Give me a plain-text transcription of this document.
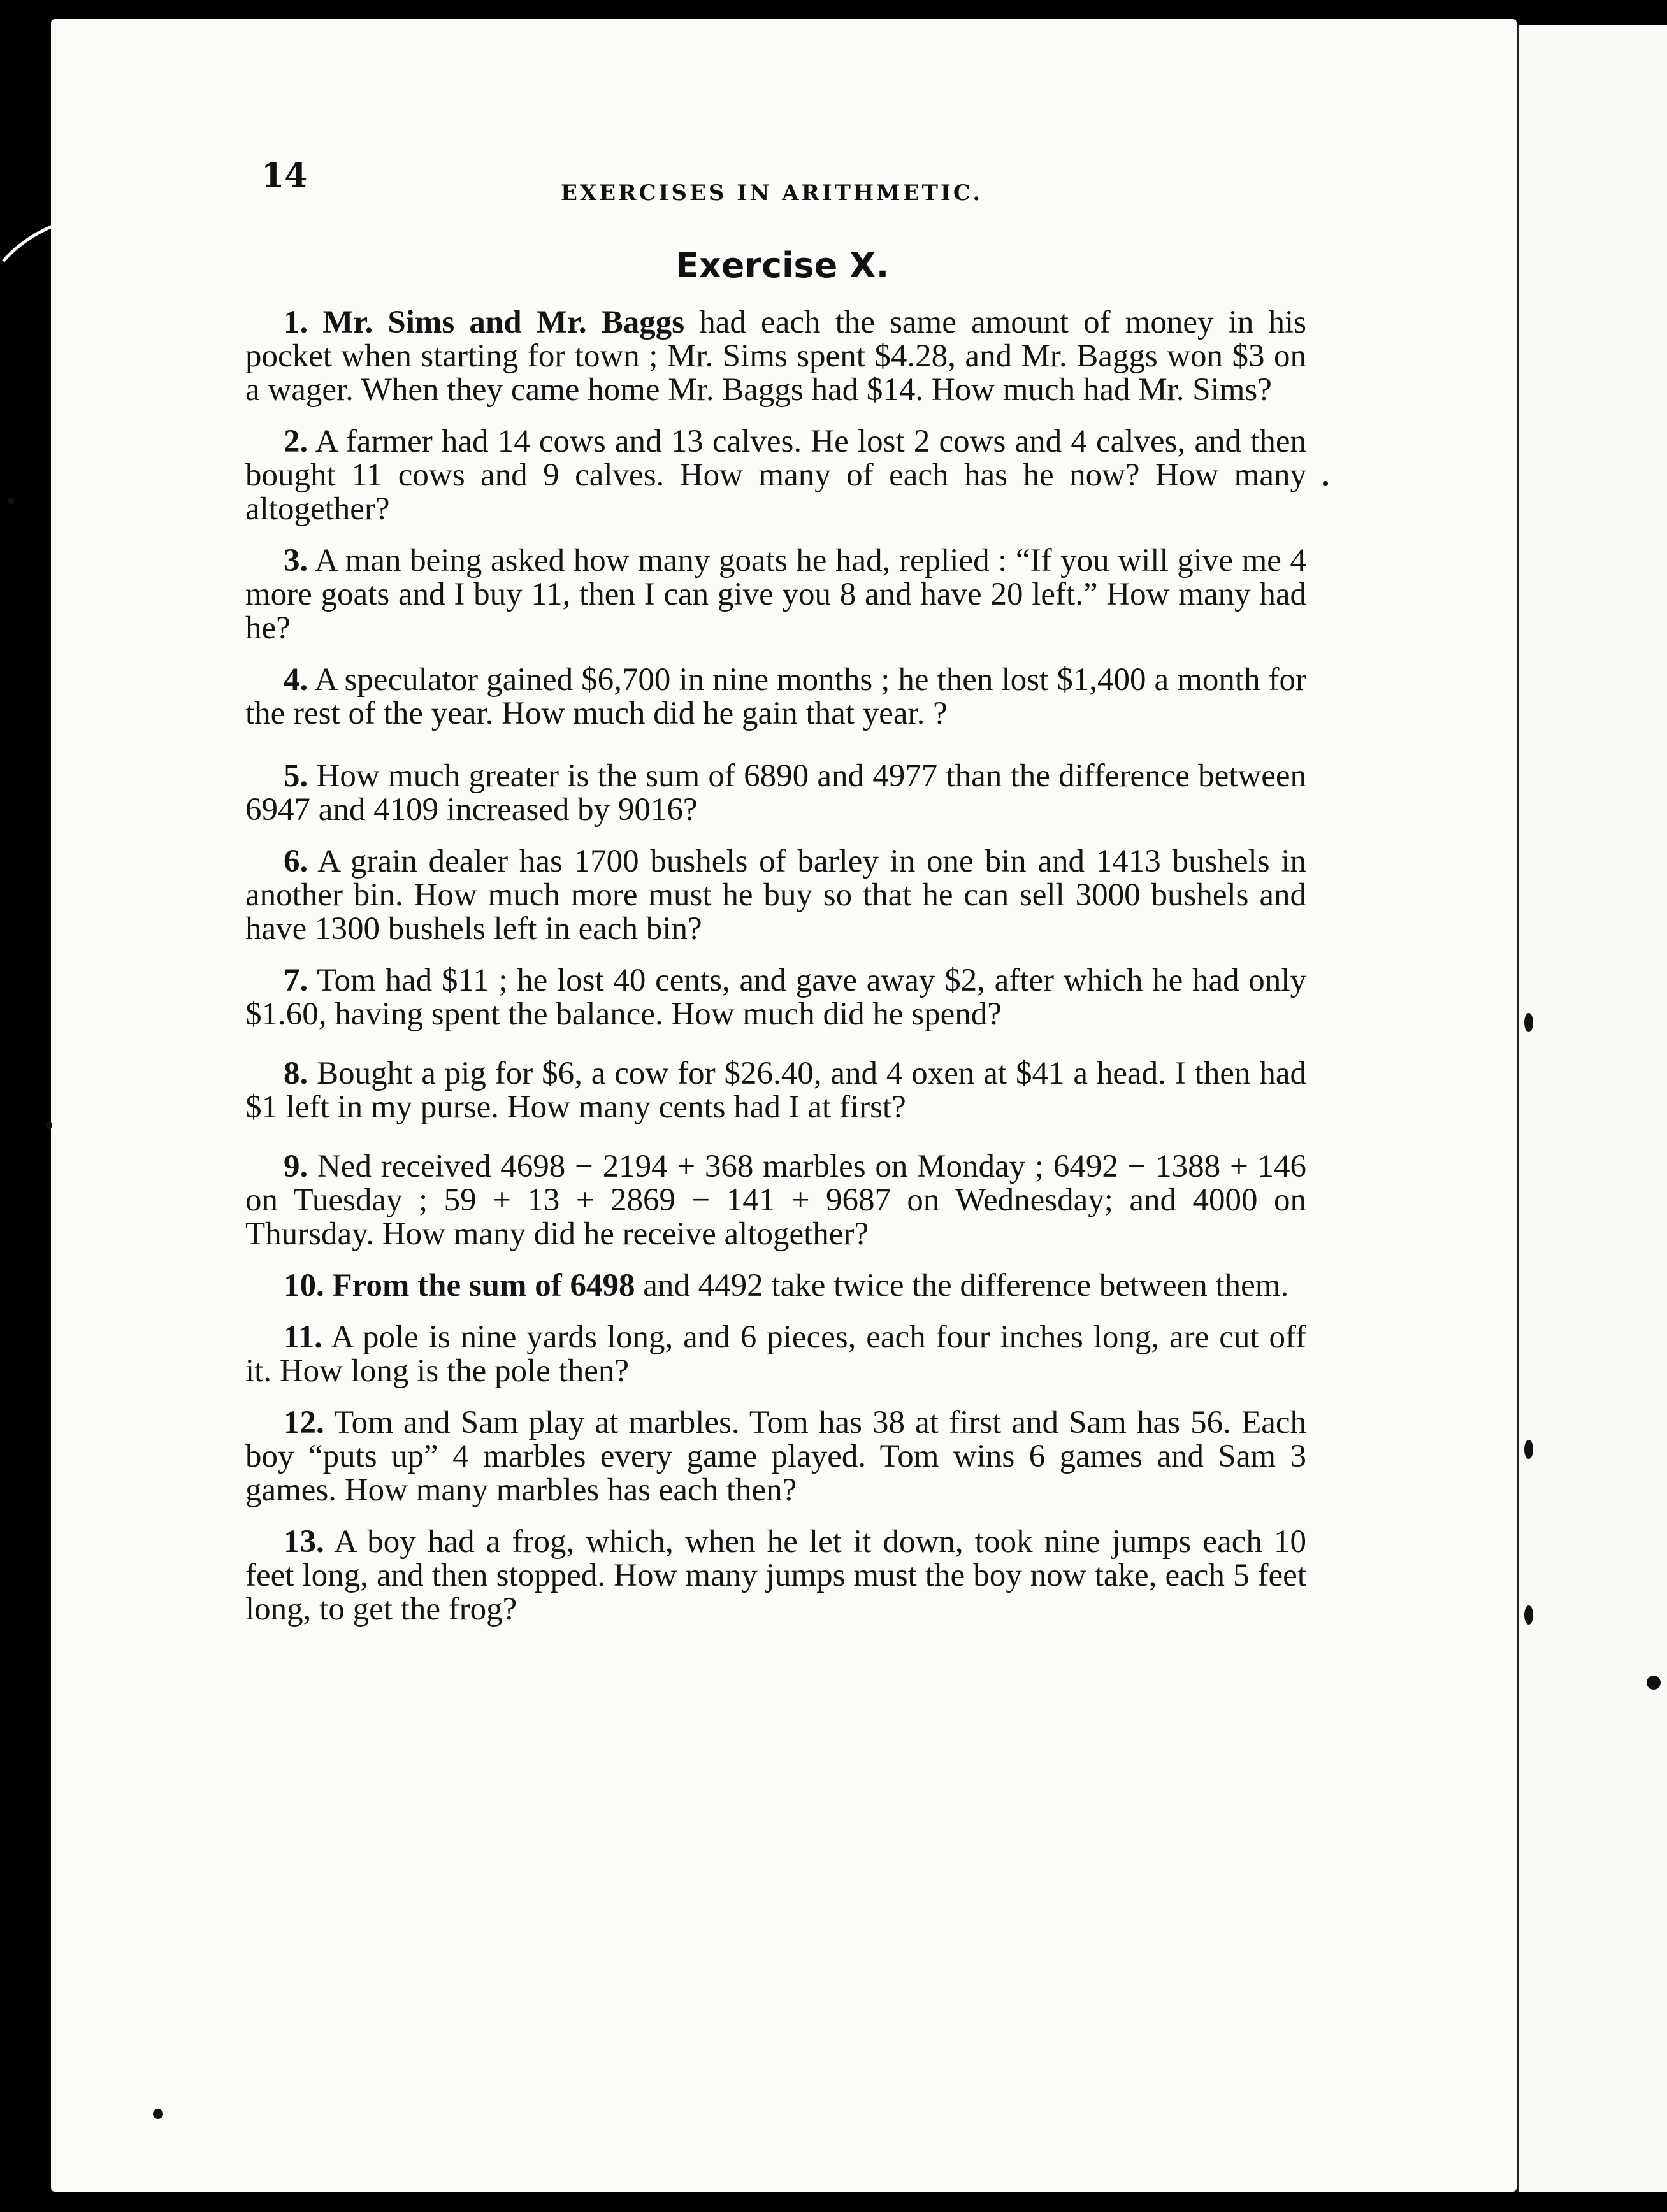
14	EXERCISES IN ARITHMETIC.
Exercise X.

1. Mr. Sims and Mr. Baggs had each the same amount of money in his pocket when starting for town ; Mr. Sims spent $4.28, and Mr. Baggs won $3 on a wager. When they came home Mr. Baggs had $14. How much had Mr. Sims?

2. A farmer had 14 cows and 13 calves. He lost 2 cows and 4 calves, and then bought 11 cows and 9 calves. How many of each has he now? How many altogether?

3. A man being asked how many goats he had, replied : “If you will give me 4 more goats and I buy 11, then I can give you 8 and have 20 left.” How many had he?

4. A speculator gained $6,700 in nine months ; he then lost $1,400 a month for the rest of the year. How much did he gain that year. ?

5. How much greater is the sum of 6890 and 4977 than the difference between 6947 and 4109 increased by 9016?

6. A grain dealer has 1700 bushels of barley in one bin and 1413 bushels in another bin. How much more must he buy so that he can sell 3000 bushels and have 1300 bushels left in each bin?

7. Tom had $11 ; he lost 40 cents, and gave away $2, after which he had only $1.60, having spent the balance. How much did he spend?

8. Bought a pig for $6, a cow for $26.40, and 4 oxen at $41 a head. I then had $1 left in my purse. How many cents had I at first?

9. Ned received 4698 − 2194 + 368 marbles on Monday ; 6492 − 1388 + 146 on Tuesday ; 59 + 13 + 2869 − 141 + 9687 on Wednesday; and 4000 on Thursday. How many did he receive altogether?

10. From the sum of 6498 and 4492 take twice the difference between them.

11. A pole is nine yards long, and 6 pieces, each four inches long, are cut off it. How long is the pole then?

12. Tom and Sam play at marbles. Tom has 38 at first and Sam has 56. Each boy “puts up” 4 marbles every game played. Tom wins 6 games and Sam 3 games. How many marbles has each then?

13. A boy had a frog, which, when he let it down, took nine jumps each 10 feet long, and then stopped. How many jumps must the boy now take, each 5 feet long, to get the frog?
